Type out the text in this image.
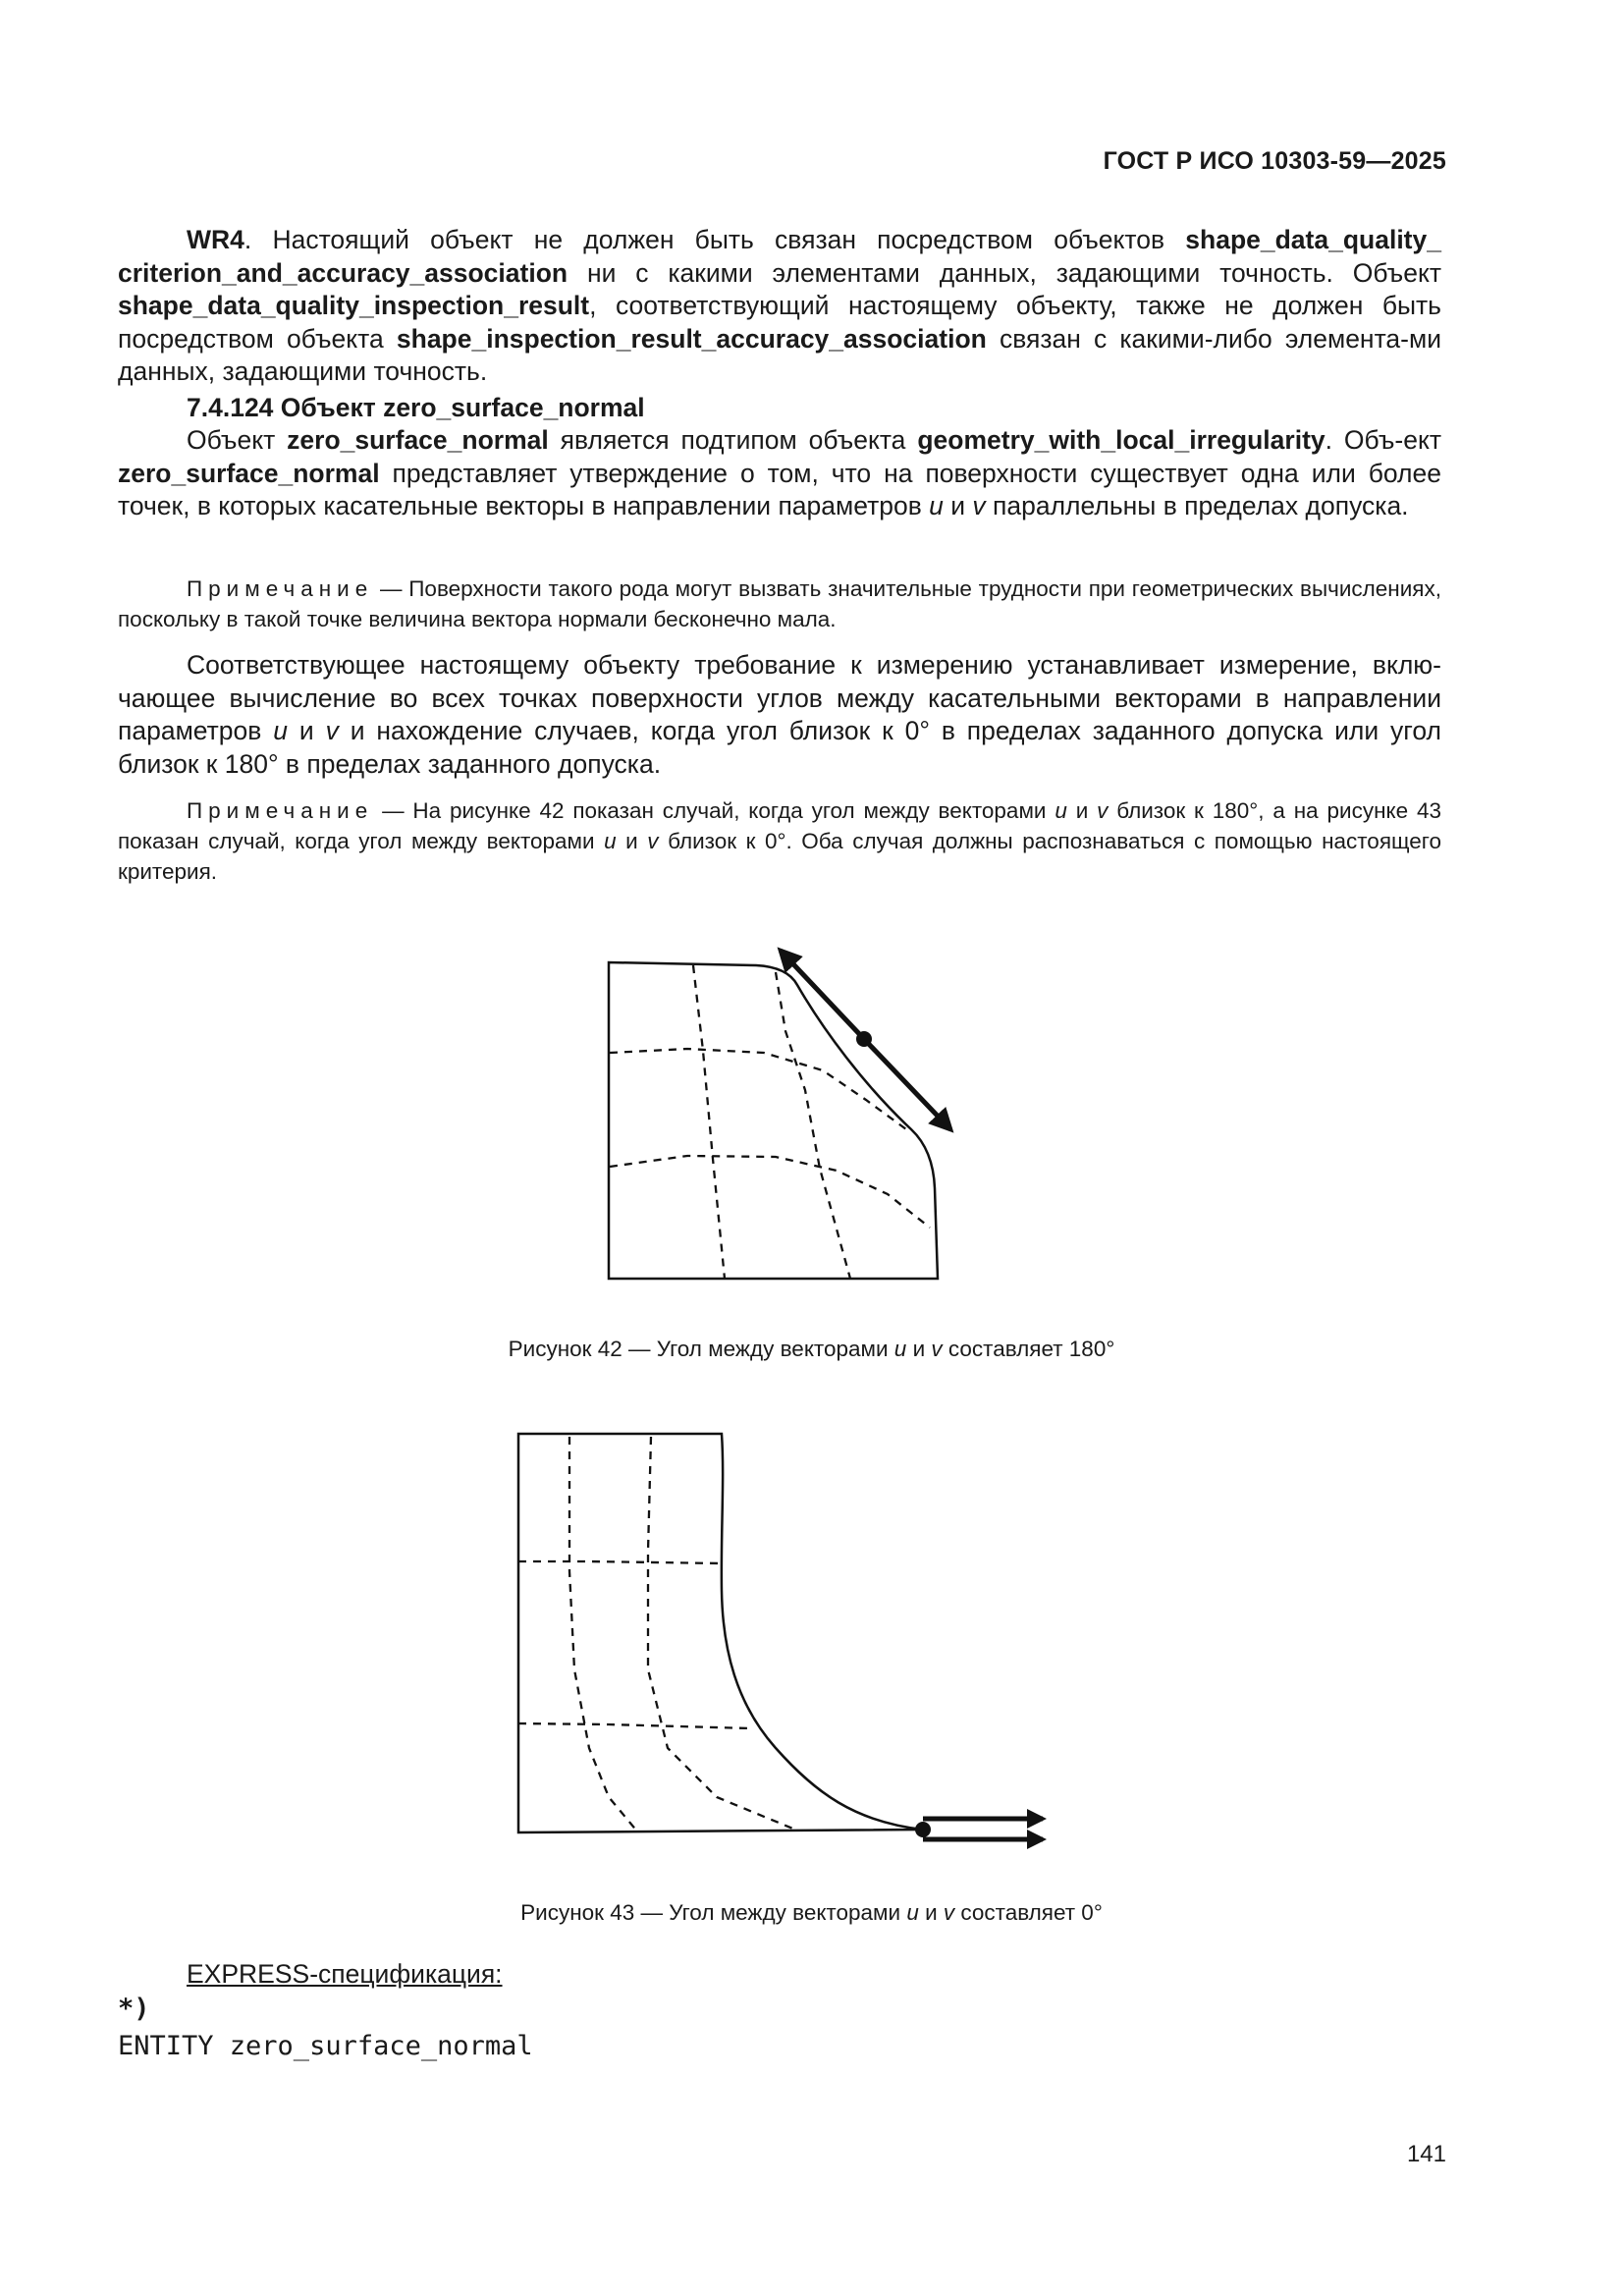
ГОСТ Р ИСО 10303-59—2025

WR4. Настоящий объект не должен быть связан посредством объектов shape_data_quality_ criterion_and_accuracy_association ни с какими элементами данных, задающими точность. Объект shape_data_quality_inspection_result, соответствующий настоящему объекту, также не должен быть посредством объекта shape_inspection_result_accuracy_association связан с какими-либо элемента-ми данных, задающими точность.

7.4.124 Объект zero_surface_normal

Объект zero_surface_normal является подтипом объекта geometry_with_local_irregularity. Объ-ект zero_surface_normal представляет утверждение о том, что на поверхности существует одна или более точек, в которых касательные векторы в направлении параметров u и v параллельны в пределах допуска.

Примечание — Поверхности такого рода могут вызвать значительные трудности при геометрических вычислениях, поскольку в такой точке величина вектора нормали бесконечно мала.

Соответствующее настоящему объекту требование к измерению устанавливает измерение, вклю-чающее вычисление во всех точках поверхности углов между касательными векторами в направлении параметров u и v и нахождение случаев, когда угол близок к 0° в пределах заданного допуска или угол близок к 180° в пределах заданного допуска.

Примечание — На рисунке 42 показан случай, когда угол между векторами u и v близок к 180°, а на рисунке 43 показан случай, когда угол между векторами u и v близок к 0°. Оба случая должны распознаваться с помощью настоящего критерия.

Рисунок 42 — Угол между векторами u и v составляет 180°
Рисунок 43 — Угол между векторами u и v составляет 0°
EXPRESS-спецификация:
*)
ENTITY zero_surface_normal
141
